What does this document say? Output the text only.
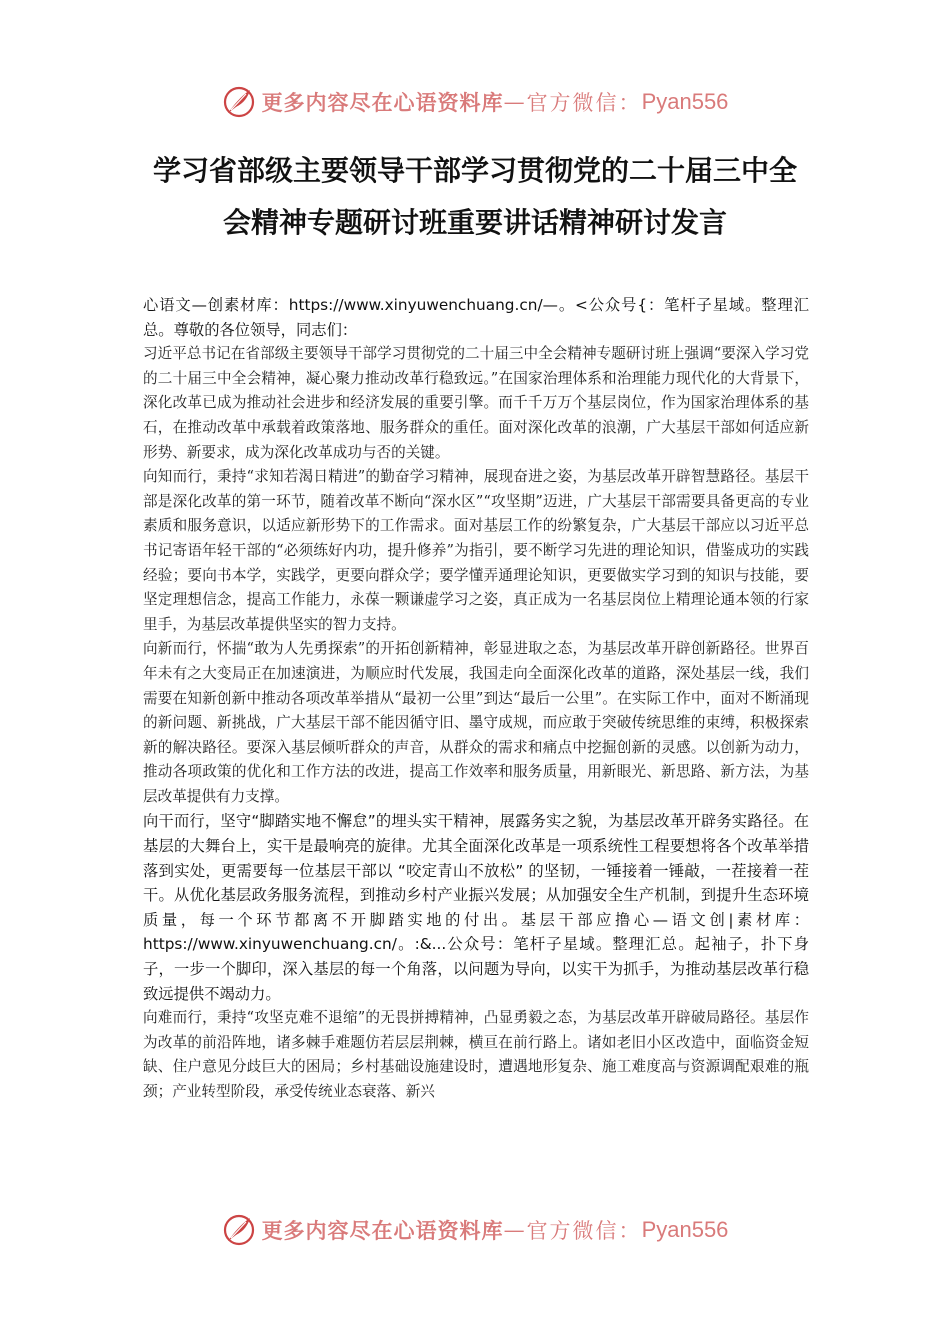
更多内容尽在心语资料库 — 官方微信： Pyan556
学习省部级主要领导干部学习贯彻党的二十届三中全
会精神专题研讨班重要讲话精神研讨发言

心语文—创素材库：https://www.xinyuwenchuang.cn/—。<公众号{：笔杆子星域。整理汇总。尊敬的各位领导，同志们：

习近平总书记在省部级主要领导干部学习贯彻党的二十届三中全会精神专题研讨班上强调“要深入学习党的二十届三中全会精神，凝心聚力推动改革行稳致远。”在国家治理体系和治理能力现代化的大背景下，深化改革已成为推动社会进步和经济发展的重要引擎。而千千万万个基层岗位，作为国家治理体系的基石，在推动改革中承载着政策落地、服务群众的重任。面对深化改革的浪潮，广大基层干部如何适应新形势、新要求，成为深化改革成功与否的关键。

向知而行，秉持“求知若渴日精进”的勤奋学习精神，展现奋进之姿，为基层改革开辟智慧路径。基层干部是深化改革的第一环节，随着改革不断向“深水区”“攻坚期”迈进，广大基层干部需要具备更高的专业素质和服务意识，以适应新形势下的工作需求。面对基层工作的纷繁复杂，广大基层干部应以习近平总书记寄语年轻干部的“必须练好内功，提升修养”为指引，要不断学习先进的理论知识，借鉴成功的实践经验；要向书本学，实践学，更要向群众学；要学懂弄通理论知识，更要做实学习到的知识与技能，要坚定理想信念，提高工作能力，永葆一颗谦虚学习之姿，真正成为一名基层岗位上精理论通本领的行家里手，为基层改革提供坚实的智力支持。

向新而行，怀揣“敢为人先勇探索”的开拓创新精神，彰显进取之态，为基层改革开辟创新路径。世界百年未有之大变局正在加速演进，为顺应时代发展，我国走向全面深化改革的道路，深处基层一线，我们需要在知新创新中推动各项改革举措从“最初一公里”到达“最后一公里”。在实际工作中，面对不断涌现的新问题、新挑战，广大基层干部不能因循守旧、墨守成规，而应敢于突破传统思维的束缚，积极探索新的解决路径。要深入基层倾听群众的声音，从群众的需求和痛点中挖掘创新的灵感。以创新为动力，推动各项政策的优化和工作方法的改进，提高工作效率和服务质量，用新眼光、新思路、新方法，为基层改革提供有力支撑。

向干而行，坚守“脚踏实地不懈怠”的埋头实干精神，展露务实之貌，为基层改革开辟务实路径。在基层的大舞台上，实干是最响亮的旋律。尤其全面深化改革是一项系统性工程要想将各个改革举措落到实处，更需要每一位基层干部以 “咬定青山不放松” 的坚韧，一锤接着一锤敲，一茬接着一茬干。从优化基层政务服务流程，到推动乡村产业振兴发展；从加强安全生产机制，到提升生态环境质量，每一个环节都离不开脚踏实地的付出。基层干部应撸心—语文创|素材库：https://www.xinyuwenchuang.cn/。:&...公众号：笔杆子星域。整理汇总。起袖子，扑下身子，一步一个脚印，深入基层的每一个角落，以问题为导向，以实干为抓手，为推动基层改革行稳致远提供不竭动力。

向难而行，秉持“攻坚克难不退缩”的无畏拼搏精神，凸显勇毅之态，为基层改革开辟破局路径。基层作为改革的前沿阵地，诸多棘手难题仿若层层荆棘，横亘在前行路上。诸如老旧小区改造中，面临资金短缺、住户意见分歧巨大的困局；乡村基础设施建设时，遭遇地形复杂、施工难度高与资源调配艰难的瓶颈；产业转型阶段，承受传统业态衰落、新兴

更多内容尽在心语资料库 — 官方微信： Pyan556
